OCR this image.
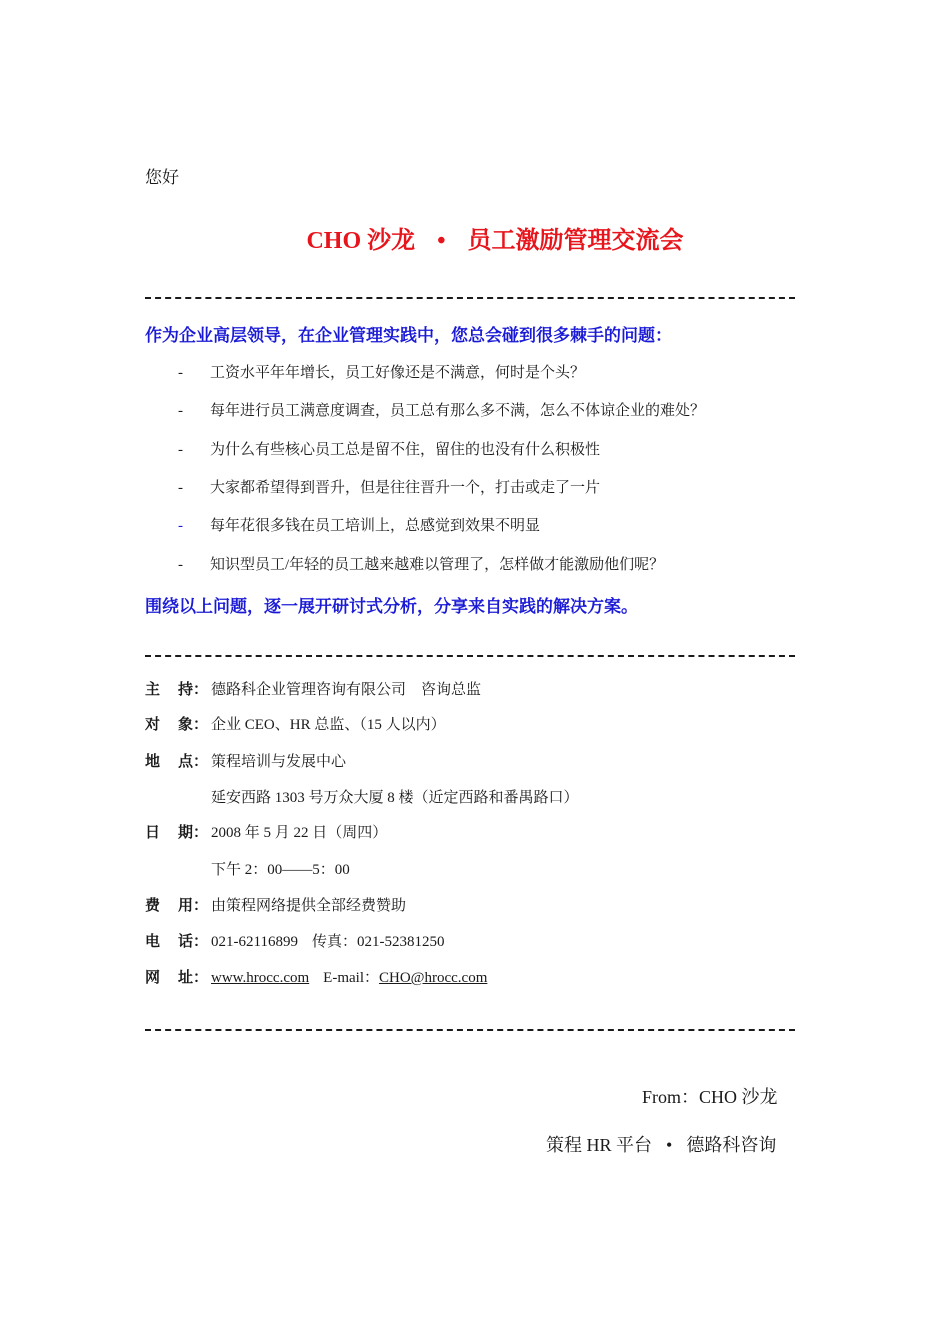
您好
CHO 沙龙 • 员工激励管理交流会
作为企业高层领导，在企业管理实践中，您总会碰到很多棘手的问题：
- 工资水平年年增长，员工好像还是不满意，何时是个头？
- 每年进行员工满意度调查，员工总有那么多不满，怎么不体谅企业的难处？
- 为什么有些核心员工总是留不住，留住的也没有什么积极性
- 大家都希望得到晋升，但是往往晋升一个，打击或走了一片
- 每年花很多钱在员工培训上，总感觉到效果不明显
- 知识型员工/年轻的员工越来越难以管理了，怎样做才能激励他们呢？
围绕以上问题，逐一展开研讨式分析，分享来自实践的解决方案。
主 持： 德路科企业管理咨询有限公司　咨询总监
对 象： 企业 CEO、HR 总监、（15 人以内）
地 点： 策程培训与发展中心
延安西路 1303 号万众大厦 8 楼（近定西路和番禺路口）
日 期： 2008 年 5 月 22 日（周四）
下午 2：00——5：00
费 用： 由策程网络提供全部经费赞助
电 话： 021-62116899 传真：021-52381250
网 址： www.hrocc.com E-mail：CHO@hrocc.com
From：CHO 沙龙
策程 HR 平台 • 德路科咨询
